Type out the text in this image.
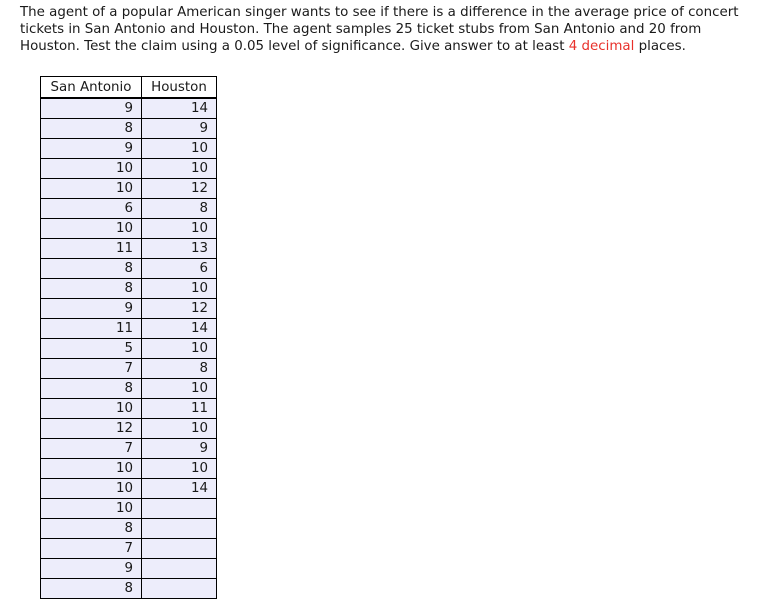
The agent of a popular American singer wants to see if there is a difference in the average price of concert tickets in San Antonio and Houston. The agent samples 25 ticket stubs from San Antonio and 20 from Houston. Test the claim using a 0.05 level of significance. Give answer to at least 4 decimal places.

San Antonio	Houston
9	14
8	9
9	10
10	10
10	12
6	8
10	10
11	13
8	6
8	10
9	12
11	14
5	10
7	8
8	10
10	11
12	10
7	9
10	10
10	14
10	
8	
7	
9	
8	
